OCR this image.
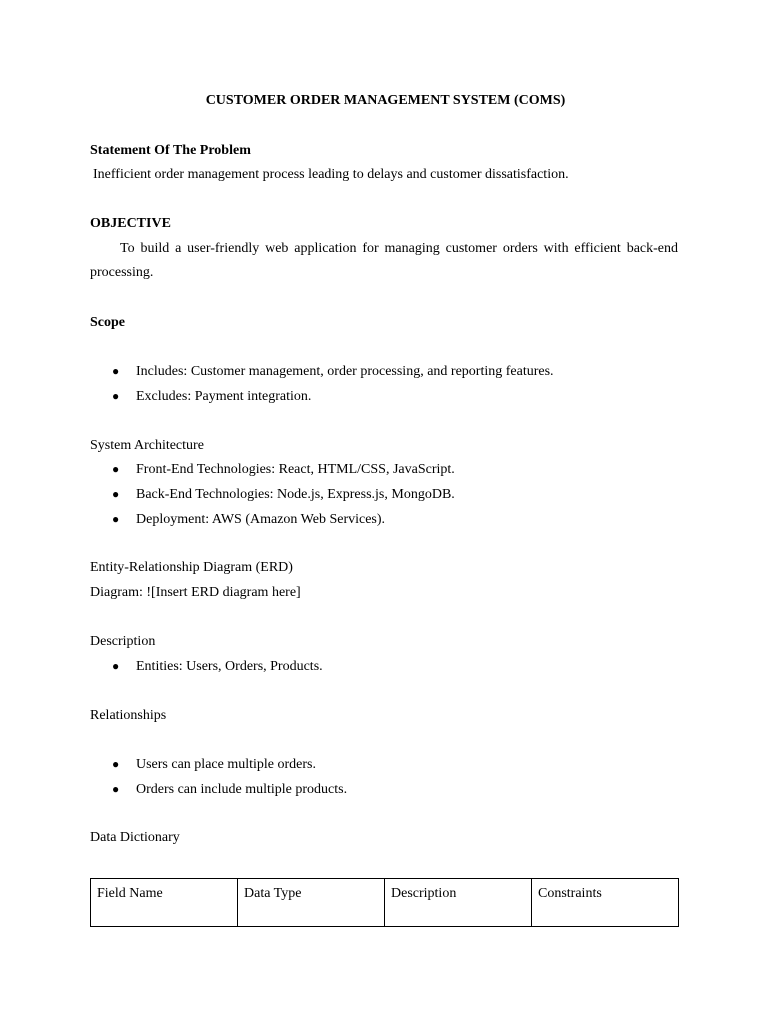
CUSTOMER ORDER MANAGEMENT SYSTEM (COMS)
Statement Of The Problem
Inefficient order management process leading to delays and customer dissatisfaction.
OBJECTIVE
To build a user-friendly web application for managing customer orders with efficient back-end processing.
Scope
● Includes: Customer management, order processing, and reporting features.
● Excludes: Payment integration.
System Architecture
● Front-End Technologies: React, HTML/CSS, JavaScript.
● Back-End Technologies: Node.js, Express.js, MongoDB.
● Deployment: AWS (Amazon Web Services).
Entity-Relationship Diagram (ERD)
Diagram: ![Insert ERD diagram here]
Description
● Entities: Users, Orders, Products.
Relationships
● Users can place multiple orders.
● Orders can include multiple products.
Data Dictionary
Field Name	Data Type	Description	Constraints
